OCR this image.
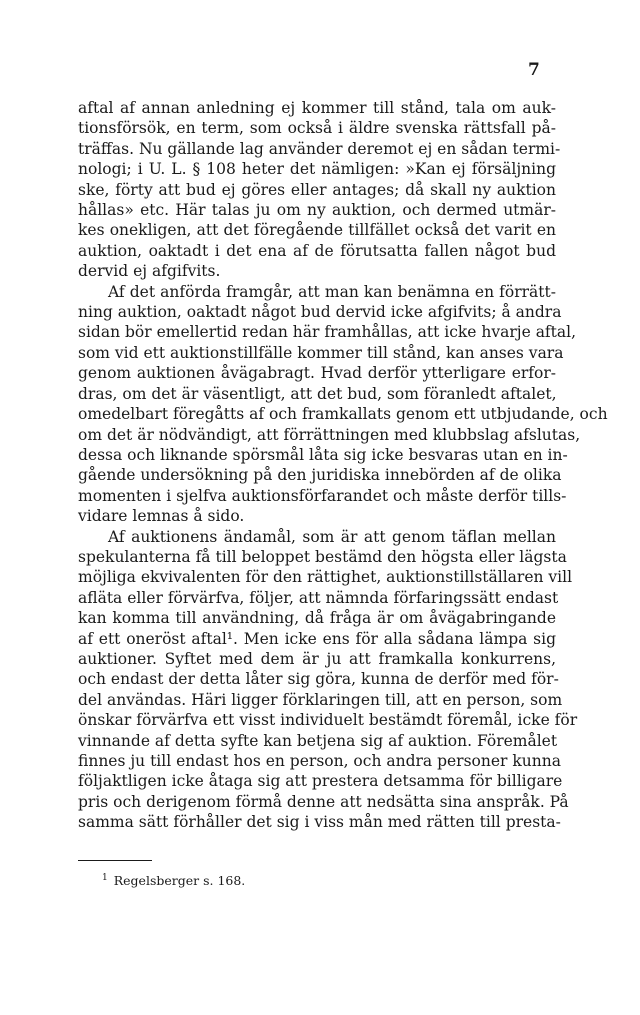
7
aftal af annan anledning ej kommer till stånd, tala om auk-
tionsförsök, en term, som också i äldre svenska rättsfall på-
träffas. Nu gällande lag använder deremot ej en sådan termi-
nologi; i U. L. § 108 heter det nämligen: »Kan ej försäljning
ske, förty att bud ej göres eller antages; då skall ny auktion
hållas» etc. Här talas ju om ny auktion, och dermed utmär-
kes onekligen, att det föregående tillfället också det varit en
auktion, oaktadt i det ena af de förutsatta fallen något bud
dervid ej afgifvits.
Af det anförda framgår, att man kan benämna en förrätt-
ning auktion, oaktadt något bud dervid icke afgifvits; å andra
sidan bör emellertid redan här framhållas, att icke hvarje aftal,
som vid ett auktionstillfälle kommer till stånd, kan anses vara
genom auktionen åvägabragt. Hvad derför ytterligare erfor-
dras, om det är väsentligt, att det bud, som föranledt aftalet,
omedelbart föregåtts af och framkallats genom ett utbjudande, och
om det är nödvändigt, att förrättningen med klubbslag afslutas,
dessa och liknande spörsmål låta sig icke besvaras utan en in-
gående undersökning på den juridiska innebörden af de olika
momenten i sjelfva auktionsförfarandet och måste derför tills-
vidare lemnas å sido.
Af auktionens ändamål, som är att genom täflan mellan
spekulanterna få till beloppet bestämd den högsta eller lägsta
möjliga ekvivalenten för den rättighet, auktionstillställaren vill
afläta eller förvärfva, följer, att nämnda förfaringssätt endast
kan komma till användning, då fråga är om åvägabringande
af ett oneröst aftal¹. Men icke ens för alla sådana lämpa sig
auktioner. Syftet med dem är ju att framkalla konkurrens,
och endast der detta låter sig göra, kunna de derför med för-
del användas. Häri ligger förklaringen till, att en person, som
önskar förvärfva ett visst individuelt bestämdt föremål, icke för
vinnande af detta syfte kan betjena sig af auktion. Föremålet
finnes ju till endast hos en person, och andra personer kunna
följaktligen icke åtaga sig att prestera detsamma för billigare
pris och derigenom förmå denne att nedsätta sina anspråk. På
samma sätt förhåller det sig i viss mån med rätten till presta-
$^1$ Regelsberger s. 168.
